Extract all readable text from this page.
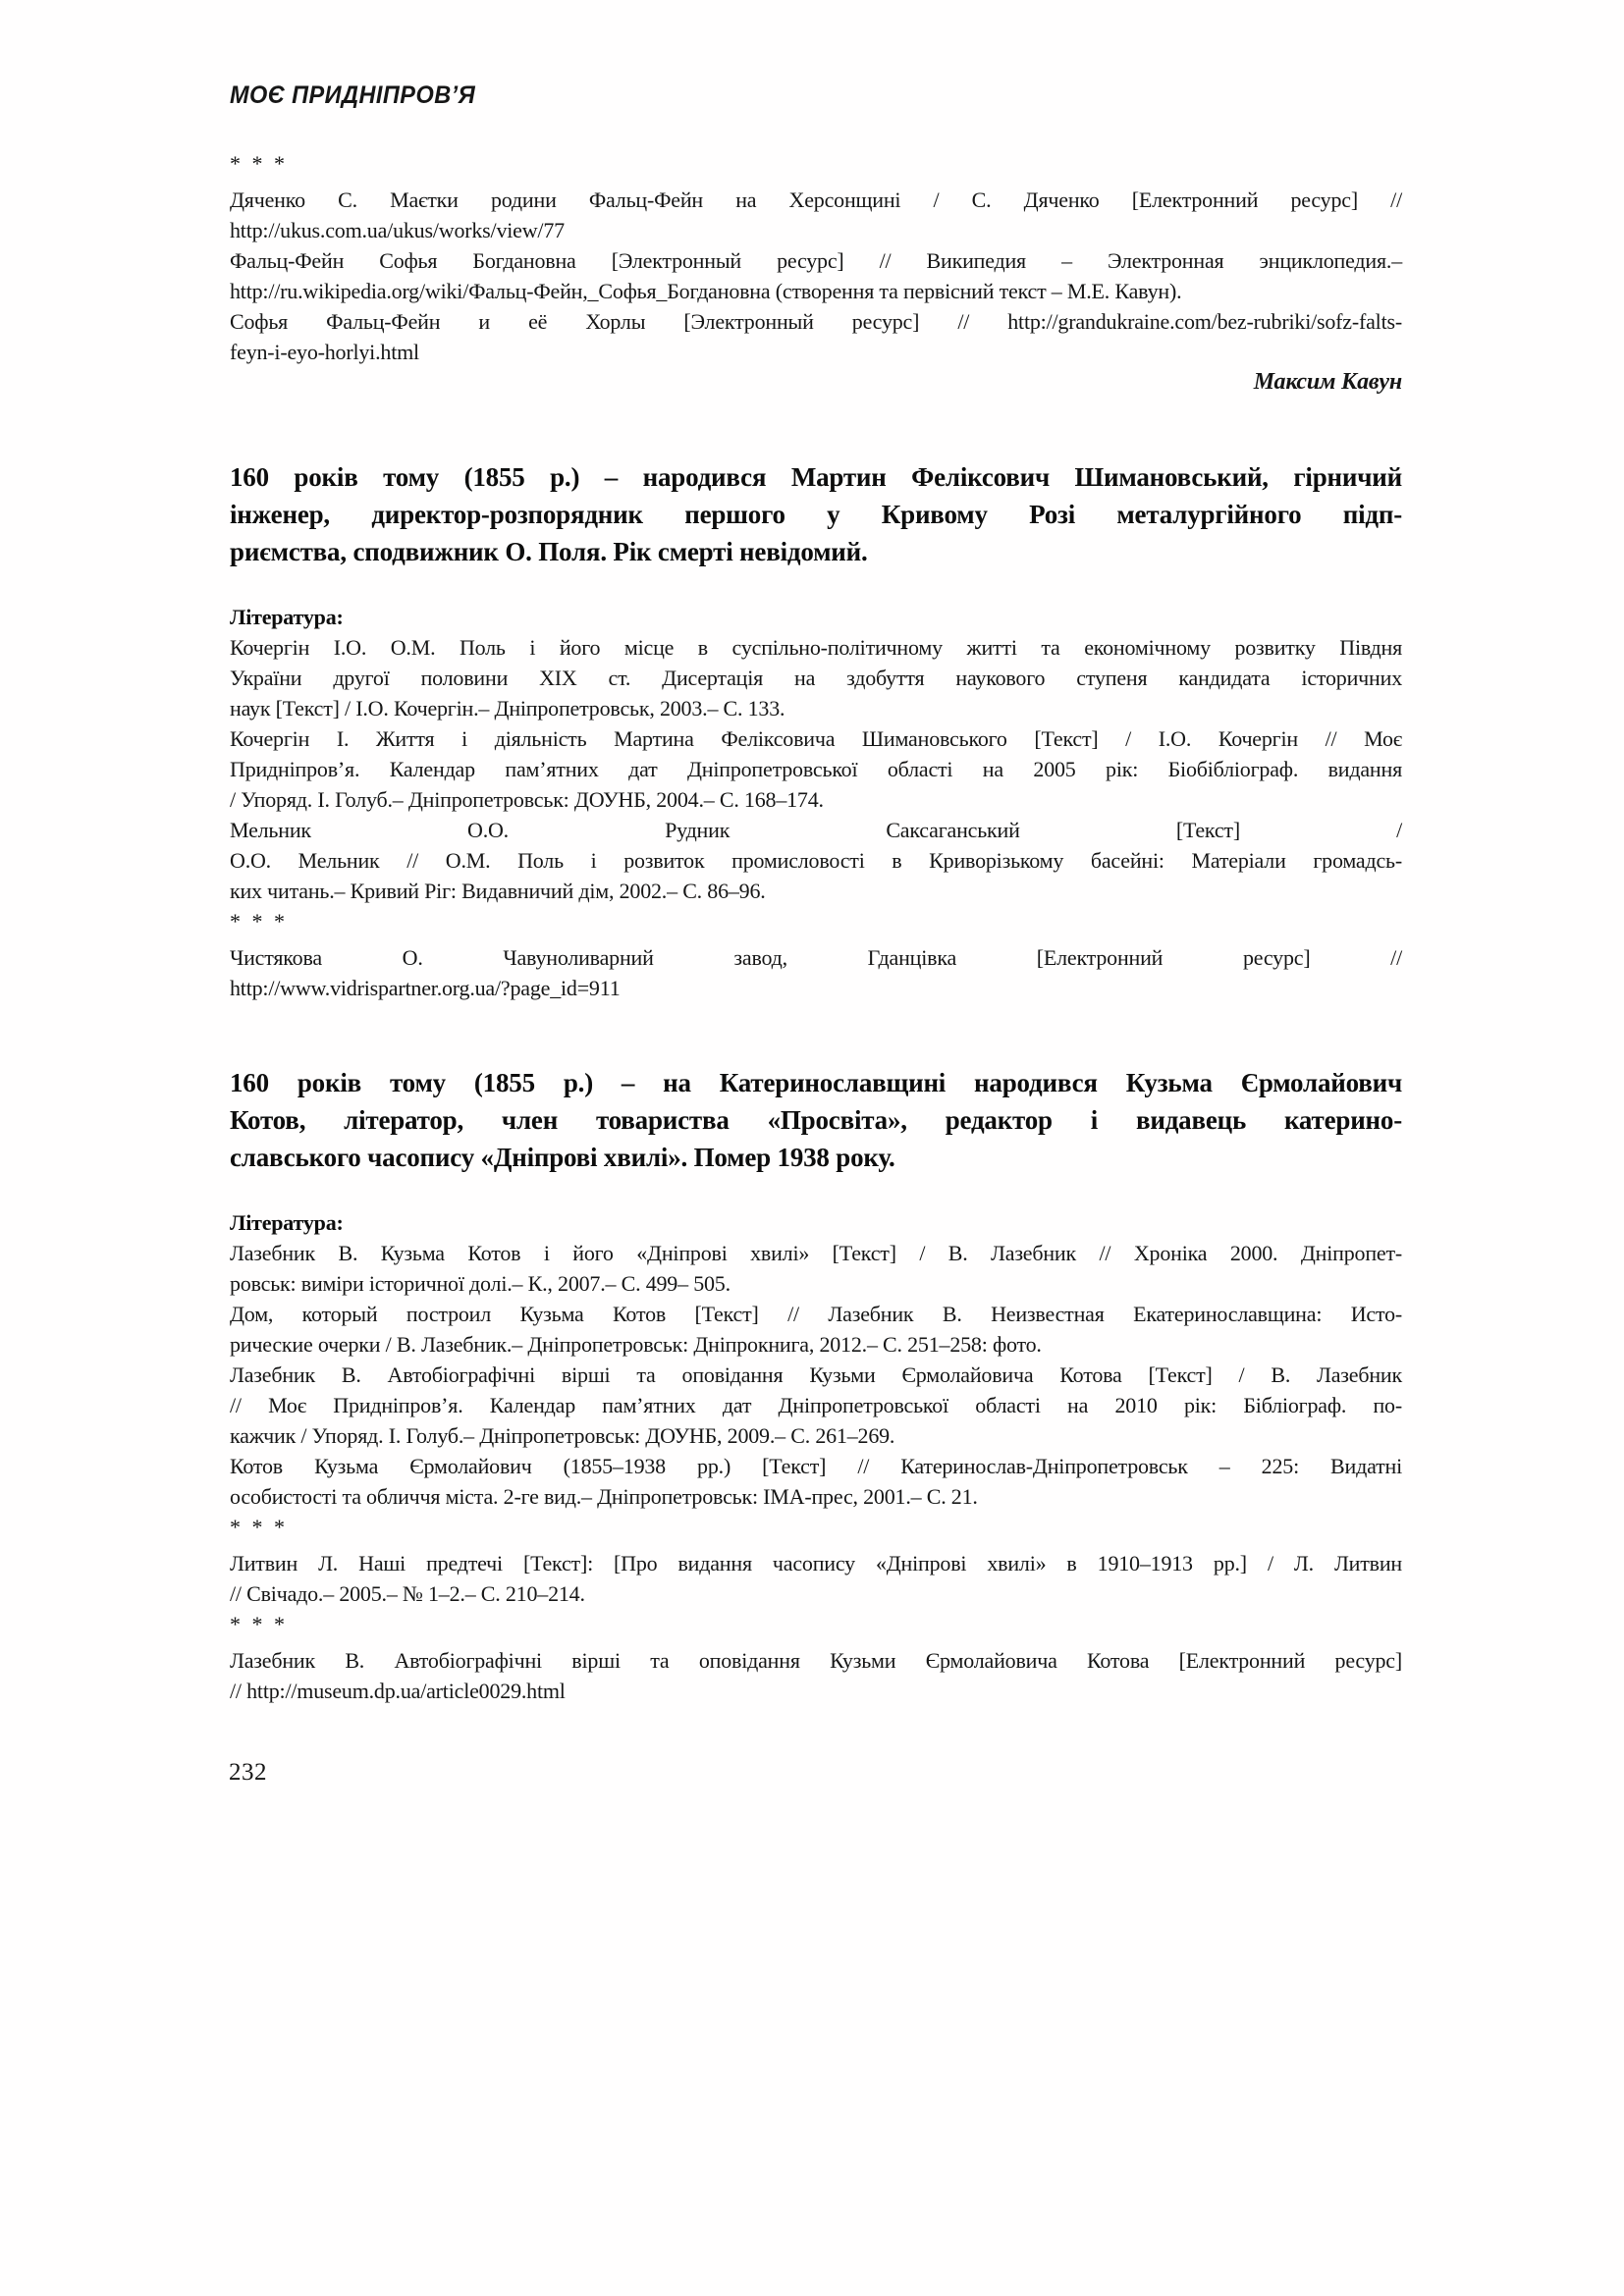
МОЄ ПРИДНІПРОВ’Я
* * *
Дяченко С. Маєтки родини Фальц-Фейн на Херсонщині / С. Дяченко [Електронний ресурс] //
http://ukus.com.ua/ukus/works/view/77
Фальц-Фейн Софья Богдановна [Электронный ресурс] // Википедия – Электронная энциклопедия.–
http://ru.wikipedia.org/wiki/Фальц-Фейн,_Софья_Богдановна (створення та первісний текст – М.Е. Кавун).
Софья Фальц-Фейн и её Хорлы [Электронный ресурс] // http://grandukraine.com/bez-rubriki/sofz-falts-
feyn-i-eyo-horlyi.html
Максим Кавун
160 років тому (1855 р.) – народився Мартин Феліксович Шимановський, гірничий
інженер, директор-розпорядник першого у Кривому Розі металургійного підп-
риємства, сподвижник О. Поля. Рік смерті невідомий.
Література:
Кочергін І.О. О.М. Поль і його місце в суспільно-політичному житті та економічному розвитку Півдня
України другої половини XIX ст. Дисертація на здобуття наукового ступеня кандидата історичних
наук [Текст] / І.О. Кочергін.– Дніпропетровськ, 2003.– С. 133.
Кочергін І. Життя і діяльність Мартина Феліксовича Шимановського [Текст] / І.О. Кочергін // Моє
Придніпров’я. Календар пам’ятних дат Дніпропетровської області на 2005 рік: Біобібліограф. видання
/ Упоряд. І. Голуб.– Дніпропетровськ: ДОУНБ, 2004.– С. 168–174.
Мельник О.О. Рудник Саксаганський [Текст] /
О.О. Мельник // О.М. Поль і розвиток промисловості в Криворізькому басейні: Матеріали громадсь-
ких читань.– Кривий Ріг: Видавничий дім, 2002.– С. 86–96.
* * *
Чистякова О. Чавуноливарний завод, Гданцівка [Електронний ресурс] //
http://www.vidrispartner.org.ua/?page_id=911
160 років тому (1855 р.) – на Катеринославщині народився Кузьма Єрмолайович
Котов, літератор, член товариства «Просвіта», редактор і видавець катерино-
славського часопису «Дніпрові хвилі». Помер 1938 року.
Література:
Лазебник В. Кузьма Котов і його «Дніпрові хвилі» [Текст] / В. Лазебник // Хроніка 2000. Дніпропет-
ровськ: виміри історичної долі.– К., 2007.– С. 499– 505.
Дом, который построил Кузьма Котов [Текст] // Лазебник В. Неизвестная Екатеринославщина: Исто-
рические очерки / В. Лазебник.– Дніпропетровськ: Дніпрокнига, 2012.– С. 251–258: фото.
Лазебник В. Автобіографічні вірші та оповідання Кузьми Єрмолайовича Котова [Текст] / В. Лазебник
// Моє Придніпров’я. Календар пам’ятних дат Дніпропетровської області на 2010 рік: Бібліограф. по-
кажчик / Упоряд. І. Голуб.– Дніпропетровськ: ДОУНБ, 2009.– С. 261–269.
Котов Кузьма Єрмолайович (1855–1938 рр.) [Текст] // Катеринослав-Дніпропетровськ – 225: Видатні
особистості та обличчя міста. 2-ге вид.– Дніпропетровськ: ІМА-прес, 2001.– С. 21.
* * *
Литвин Л. Наші предтечі [Текст]: [Про видання часопису «Дніпрові хвилі» в 1910–1913 рр.] / Л. Литвин
// Свічадо.– 2005.– № 1–2.– С. 210–214.
* * *
Лазебник В. Автобіографічні вірші та оповідання Кузьми Єрмолайовича Котова [Електронний ресурс]
// http://museum.dp.ua/article0029.html
232
